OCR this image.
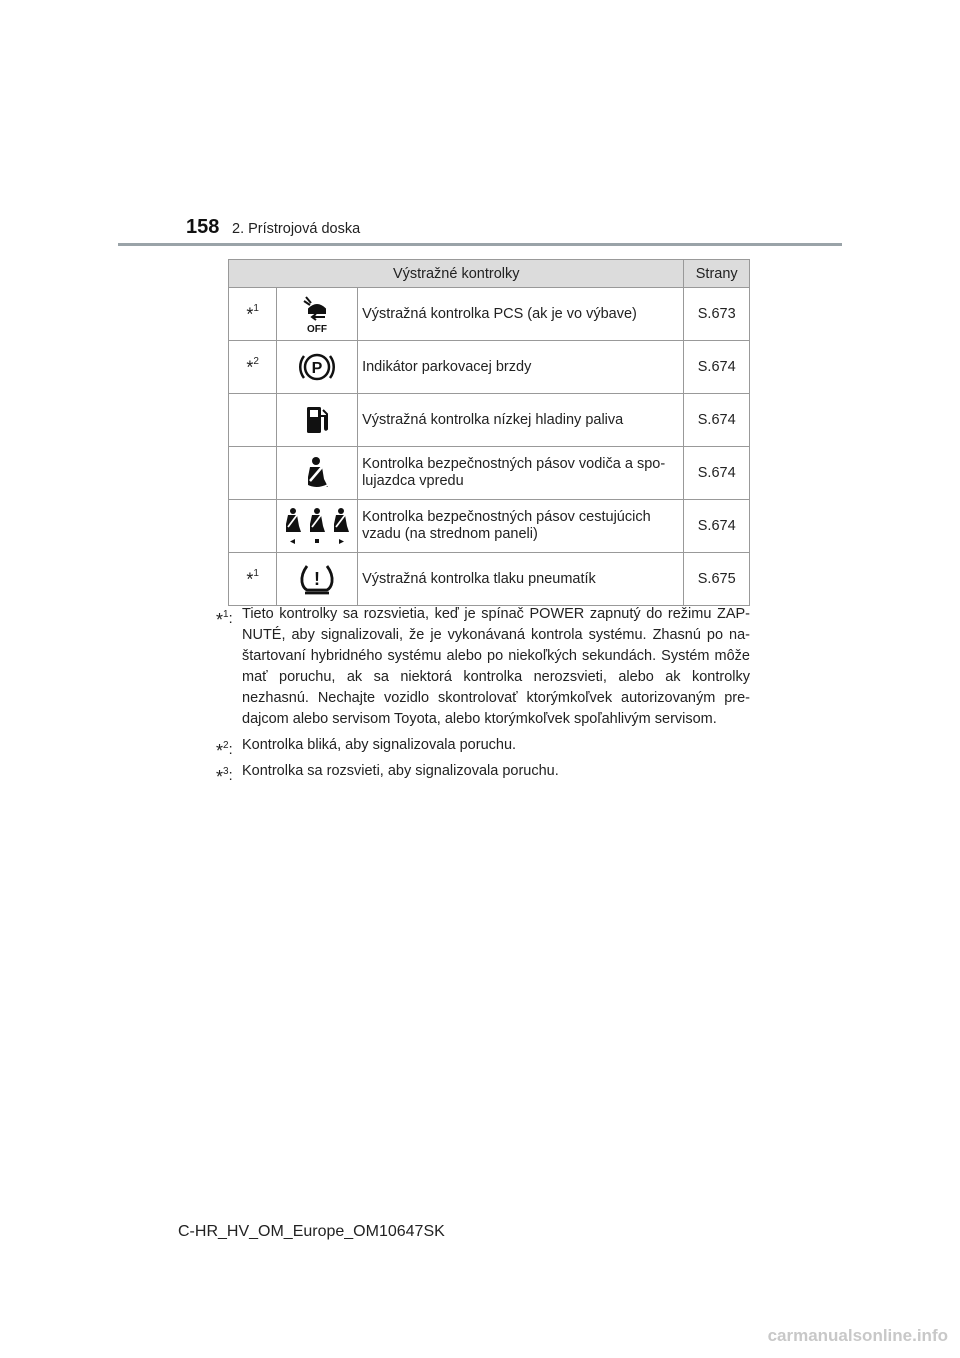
158 2. Prístrojová doska
Výstražné kontrolky			Strany
*$^1$	OFF	Výstražná kontrolka PCS (ak je vo výbave)	S.673
*$^2$	P	Indikátor parkovacej brzdy	S.674
		Výstražná kontrolka nízkej hladiny paliva	S.674
		Kontrolka bezpečnostných pásov vodiča a spo-lujazdca vpredu	S.674
		Kontrolka bezpečnostných pásov cestujúcich vzadu (na strednom paneli)	S.674
*$^1$	!	Výstražná kontrolka tlaku pneumatík	S.675
*$^1$: Tieto kontrolky sa rozsvietia, keď je spínač POWER zapnutý do režimu ZAP-NUTÉ, aby signalizovali, že je vykonávaná kontrola systému. Zhasnú po na-štartovaní hybridného systému alebo po niekoľkých sekundách. Systém môže mať poruchu, ak sa niektorá kontrolka nerozsvieti, alebo ak kontrolky nezhasnú. Nechajte vozidlo skontrolovať ktorýmkoľvek autorizovaným pre-dajcom alebo servisom Toyota, alebo ktorýmkoľvek spoľahlivým servisom.
*$^2$: Kontrolka bliká, aby signalizovala poruchu.
*$^3$: Kontrolka sa rozsvieti, aby signalizovala poruchu.
C-HR_HV_OM_Europe_OM10647SK
carmanualsonline.info
